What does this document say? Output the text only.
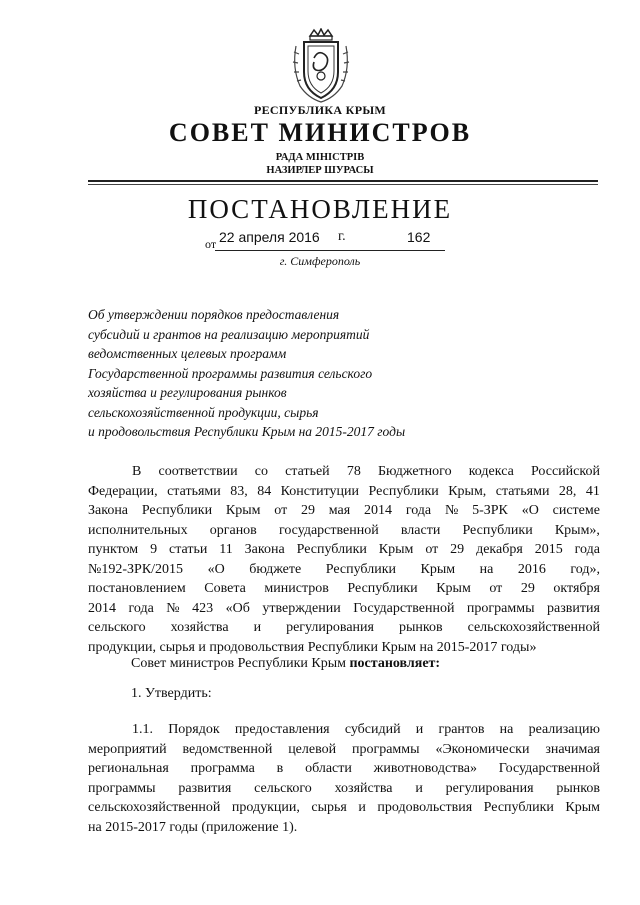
РЕСПУБЛИКА КРЫМ
СОВЕТ МИНИСТРОВ
РАДА МІНІСТРІВ
НАЗИРЛЕР ШУРАСЫ
ПОСТАНОВЛЕНИЕ
от 22 апреля 2016 г.	162
г. Симферополь
Об утверждении порядков предоставления
субсидий и грантов на реализацию мероприятий
ведомственных целевых программ
Государственной программы развития сельского
хозяйства и регулирования рынков
сельскохозяйственной продукции, сырья
и продовольствия Республики Крым на 2015-2017 годы
В соответствии со статьей 78 Бюджетного кодекса Российской
Федерации, статьями 83, 84 Конституции Республики Крым, статьями 28, 41
Закона Республики Крым от 29 мая 2014 года № 5-ЗРК «О системе
исполнительных органов государственной власти Республики Крым»,
пунктом 9 статьи 11 Закона Республики Крым от 29 декабря 2015 года
№192-ЗРК/2015 «О бюджете Республики Крым на 2016 год»,
постановлением Совета министров Республики Крым от 29 октября
2014 года № 423 «Об утверждении Государственной программы развития
сельского хозяйства и регулирования рынков сельскохозяйственной
продукции, сырья и продовольствия Республики Крым на 2015-2017 годы»
Совет министров Республики Крым постановляет:
1. Утвердить:
1.1. Порядок предоставления субсидий и грантов на реализацию
мероприятий ведомственной целевой программы «Экономически значимая
региональная программа в области животноводства» Государственной
программы развития сельского хозяйства и регулирования рынков
сельскохозяйственной продукции, сырья и продовольствия Республики Крым
на 2015-2017 годы (приложение 1).
